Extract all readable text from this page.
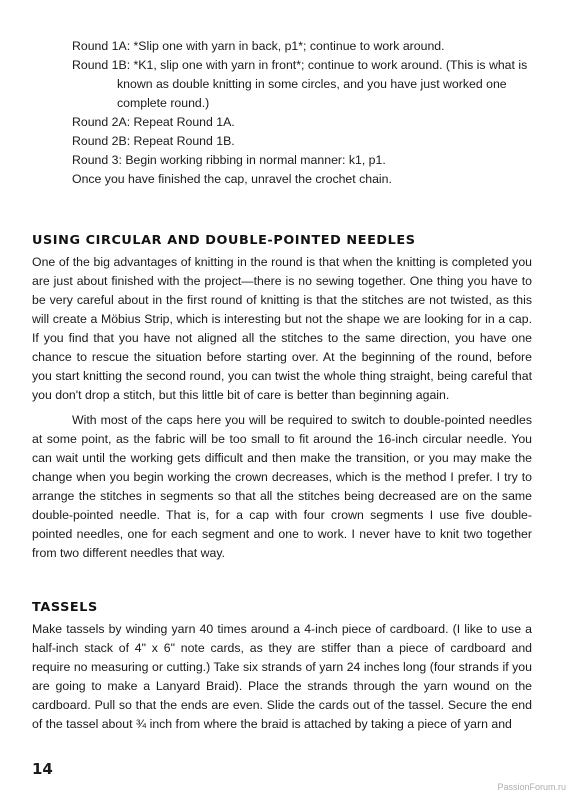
Round 1A: *Slip one with yarn in back, p1*; continue to work around.
Round 1B: *K1, slip one with yarn in front*; continue to work around. (This is what is known as double knitting in some circles, and you have just worked one complete round.)
Round 2A: Repeat Round 1A.
Round 2B: Repeat Round 1B.
Round 3: Begin working ribbing in normal manner: k1, p1.
Once you have finished the cap, unravel the crochet chain.
USING CIRCULAR AND DOUBLE-POINTED NEEDLES

One of the big advantages of knitting in the round is that when the knitting is completed you are just about finished with the project—there is no sewing together. One thing you have to be very careful about in the first round of knitting is that the stitches are not twisted, as this will create a Möbius Strip, which is interesting but not the shape we are looking for in a cap. If you find that you have not aligned all the stitches to the same direction, you have one chance to rescue the situation before starting over. At the beginning of the round, before you start knitting the second round, you can twist the whole thing straight, being careful that you don't drop a stitch, but this little bit of care is better than beginning again.

With most of the caps here you will be required to switch to double-pointed needles at some point, as the fabric will be too small to fit around the 16-inch circular needle. You can wait until the working gets difficult and then make the transition, or you may make the change when you begin working the crown decreases, which is the method I prefer. I try to arrange the stitches in segments so that all the stitches being decreased are on the same double-pointed needle. That is, for a cap with four crown segments I use five double-pointed needles, one for each segment and one to work. I never have to knit two together from two different needles that way.

TASSELS

Make tassels by winding yarn 40 times around a 4-inch piece of cardboard. (I like to use a half-inch stack of 4" x 6" note cards, as they are stiffer than a piece of cardboard and require no measuring or cutting.) Take six strands of yarn 24 inches long (four strands if you are going to make a Lanyard Braid). Place the strands through the yarn wound on the cardboard. Pull so that the ends are even. Slide the cards out of the tassel. Secure the end of the tassel about ¾ inch from where the braid is attached by taking a piece of yarn and

14
PassionForum.ru
